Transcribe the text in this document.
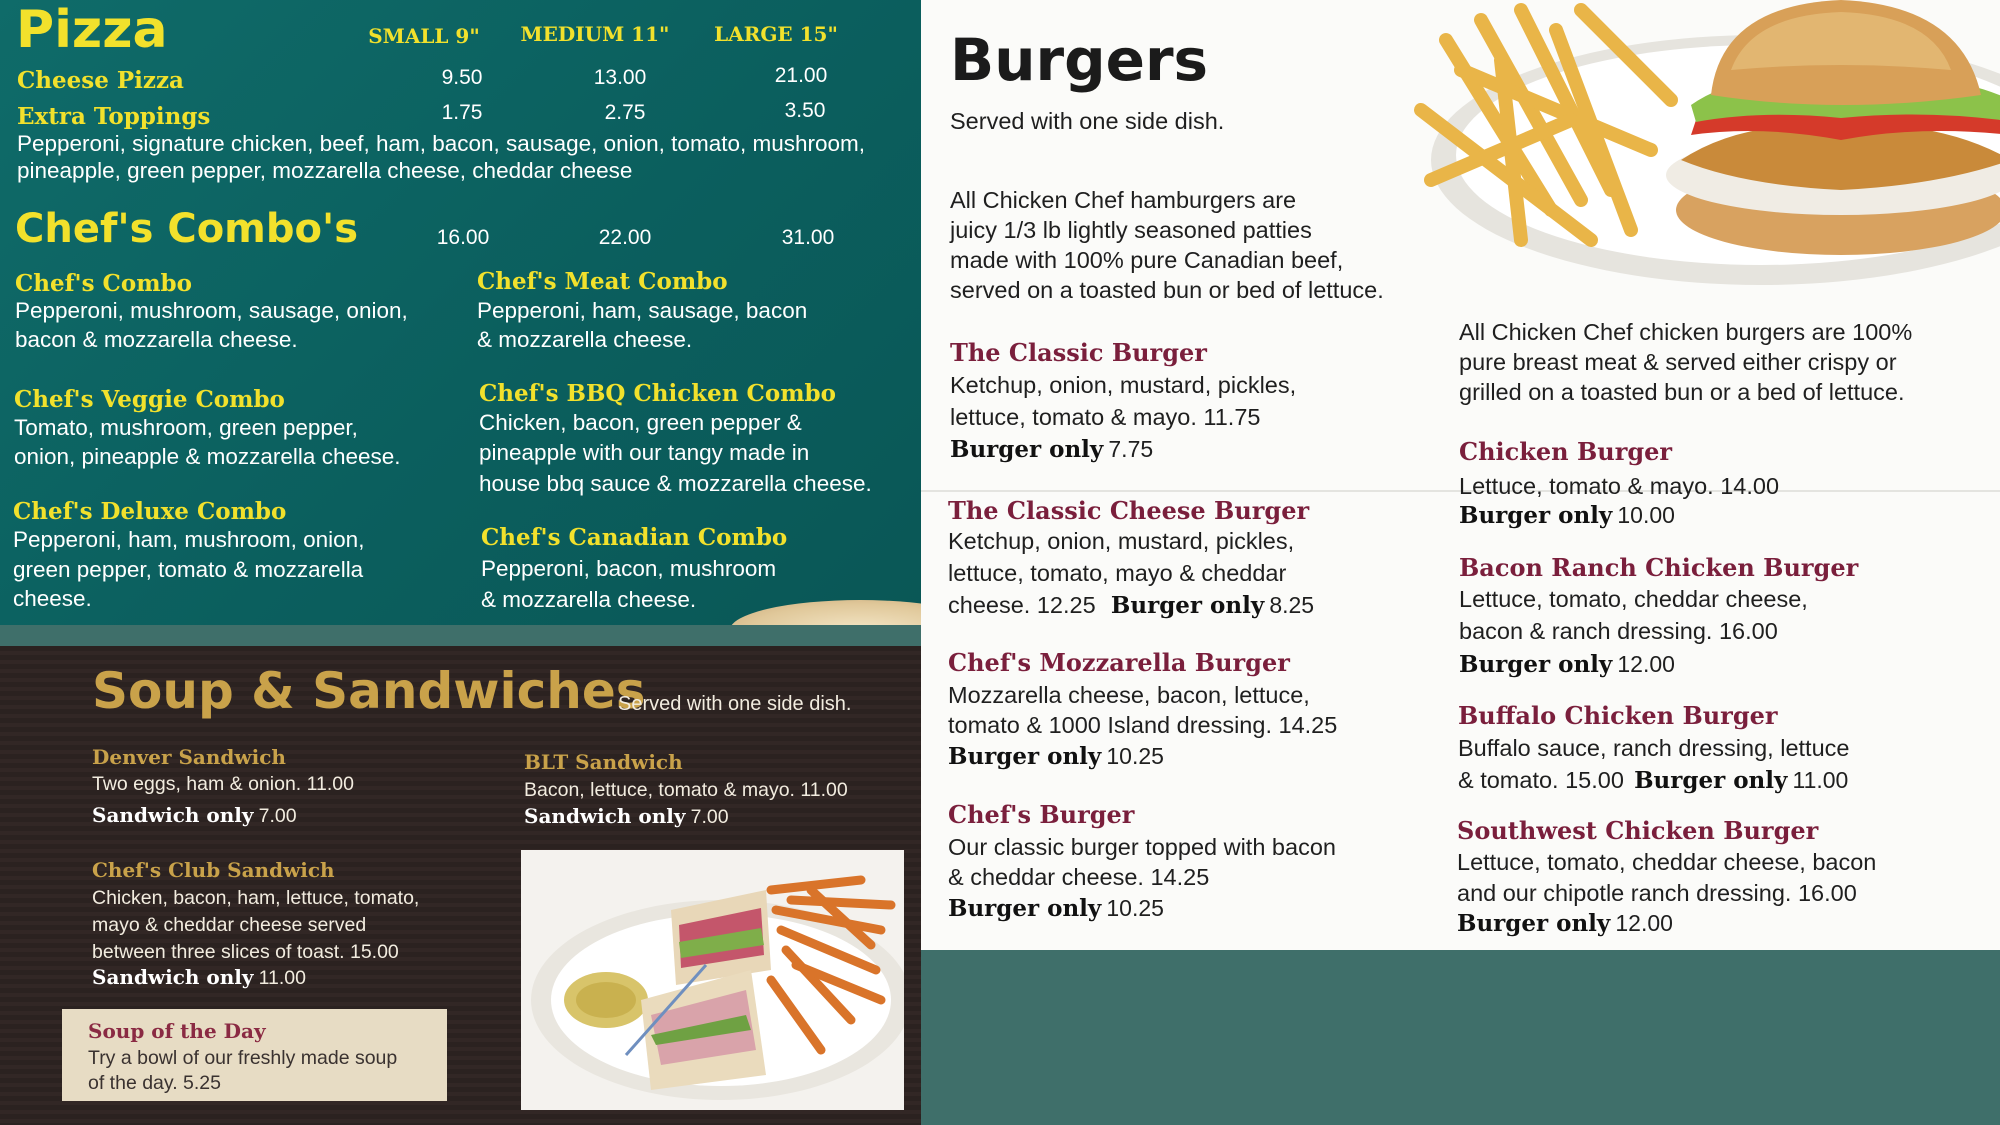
Pizza	SMALL 9"	MEDIUM 11"	LARGE 15"
Cheese Pizza	9.50	13.00	21.00
Extra Toppings	1.75	2.75	3.50
Pepperoni, signature chicken, beef, ham, bacon, sausage, onion, tomato, mushroom,
pineapple, green pepper, mozzarella cheese, cheddar cheese
Chef's Combo's	16.00	22.00	31.00
Chef's Combo
Pepperoni, mushroom, sausage, onion,
bacon & mozzarella cheese.
Chef's Meat Combo
Pepperoni, ham, sausage, bacon
& mozzarella cheese.
Chef's Veggie Combo
Tomato, mushroom, green pepper,
onion, pineapple & mozzarella cheese.
Chef's BBQ Chicken Combo
Chicken, bacon, green pepper &
pineapple with our tangy made in
house bbq sauce & mozzarella cheese.
Chef's Deluxe Combo
Pepperoni, ham, mushroom, onion,
green pepper, tomato & mozzarella
cheese.
Chef's Canadian Combo
Pepperoni, bacon, mushroom
& mozzarella cheese.
Soup & Sandwiches
Served with one side dish.
Denver Sandwich
Two eggs, ham & onion. 11.00
Sandwich only 7.00
BLT Sandwich
Bacon, lettuce, tomato & mayo. 11.00
Sandwich only 7.00
Chef's Club Sandwich
Chicken, bacon, ham, lettuce, tomato,
mayo & cheddar cheese served
between three slices of toast. 15.00
Sandwich only 11.00
Soup of the Day
Try a bowl of our freshly made soup
of the day. 5.25
Burgers
Served with one side dish.
All Chicken Chef hamburgers are
juicy 1/3 lb lightly seasoned patties
made with 100% pure Canadian beef,
served on a toasted bun or bed of lettuce.
All Chicken Chef chicken burgers are 100%
pure breast meat & served either crispy or
grilled on a toasted bun or a bed of lettuce.
The Classic Burger
Ketchup, onion, mustard, pickles,
lettuce, tomato & mayo. 11.75
Burger only 7.75
The Classic Cheese Burger
Ketchup, onion, mustard, pickles,
lettuce, tomato, mayo & cheddar
cheese. 12.25 Burger only 8.25
Chef's Mozzarella Burger
Mozzarella cheese, bacon, lettuce,
tomato & 1000 Island dressing. 14.25
Burger only 10.25
Chef's Burger
Our classic burger topped with bacon
& cheddar cheese. 14.25
Burger only 10.25
Chicken Burger
Lettuce, tomato & mayo. 14.00
Burger only 10.00
Bacon Ranch Chicken Burger
Lettuce, tomato, cheddar cheese,
bacon & ranch dressing. 16.00
Burger only 12.00
Buffalo Chicken Burger
Buffalo sauce, ranch dressing, lettuce
& tomato. 15.00 Burger only 11.00
Southwest Chicken Burger
Lettuce, tomato, cheddar cheese, bacon
and our chipotle ranch dressing. 16.00
Burger only 12.00
